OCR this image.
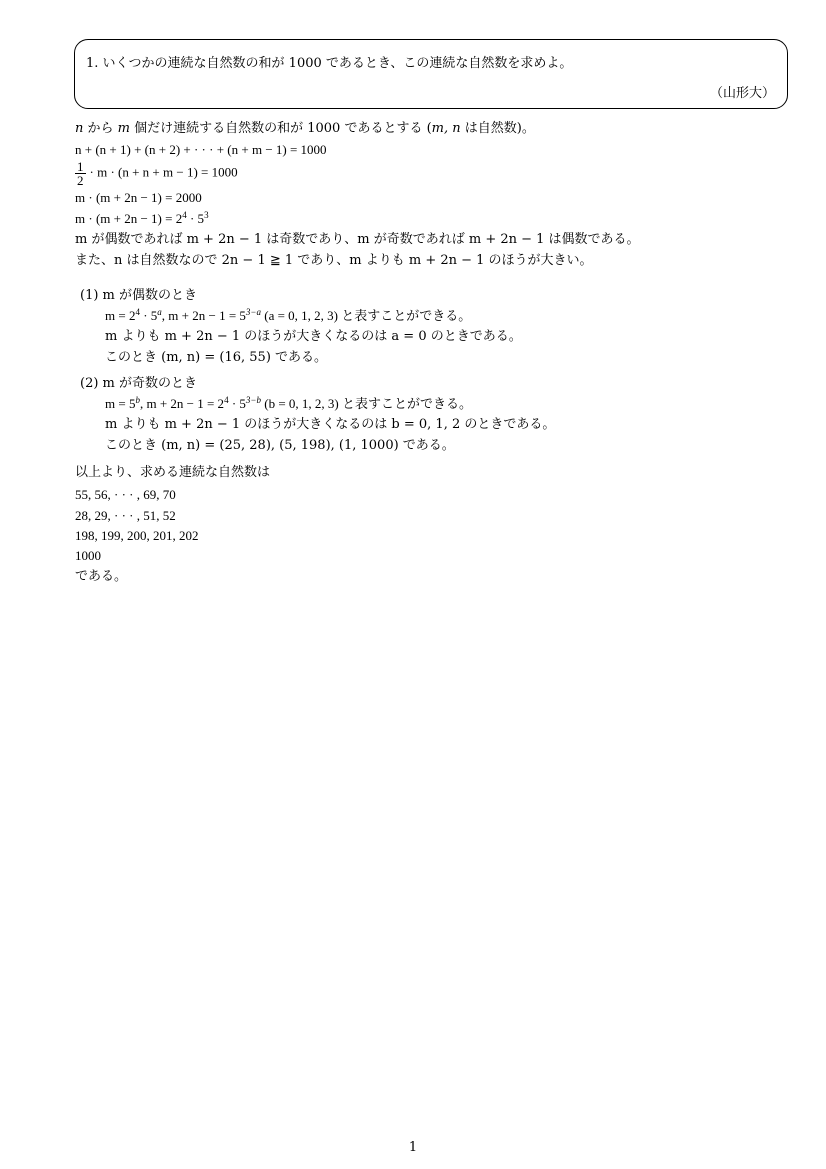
1. いくつかの連続な自然数の和が 1000 であるとき、この連続な自然数を求めよ。
（山形大）
n から m 個だけ連続する自然数の和が 1000 であるとする (m, n は自然数)。
n + (n + 1) + (n + 2) + · · · + (n + m − 1) = 1000
$\frac{1}{2} \cdot m \cdot (n + n + m - 1) = 1000$
m · (m + 2n − 1) = 2000
$m \cdot (m + 2n - 1) = 2^4 \cdot 5^3$
m が偶数であれば m + 2n − 1 は奇数であり、m が奇数であれば m + 2n − 1 は偶数である。
また、n は自然数なので 2n − 1 ≧ 1 であり、m よりも m + 2n − 1 のほうが大きい。
(1) m が偶数のとき
$m = 2^4 \cdot 5^a$, $m + 2n - 1 = 5^{3-a}$ (a = 0, 1, 2, 3) と表すことができる。
m よりも m + 2n − 1 のほうが大きくなるのは a = 0 のときである。
このとき (m, n) = (16, 55) である。
(2) m が奇数のとき
$m = 5^b$, $m + 2n - 1 = 2^4 \cdot 5^{3-b}$ (b = 0, 1, 2, 3) と表すことができる。
m よりも m + 2n − 1 のほうが大きくなるのは b = 0, 1, 2 のときである。
このとき (m, n) = (25, 28), (5, 198), (1, 1000) である。
以上より、求める連続な自然数は
55, 56, · · · , 69, 70
28, 29, · · · , 51, 52
198, 199, 200, 201, 202
1000
である。
1
